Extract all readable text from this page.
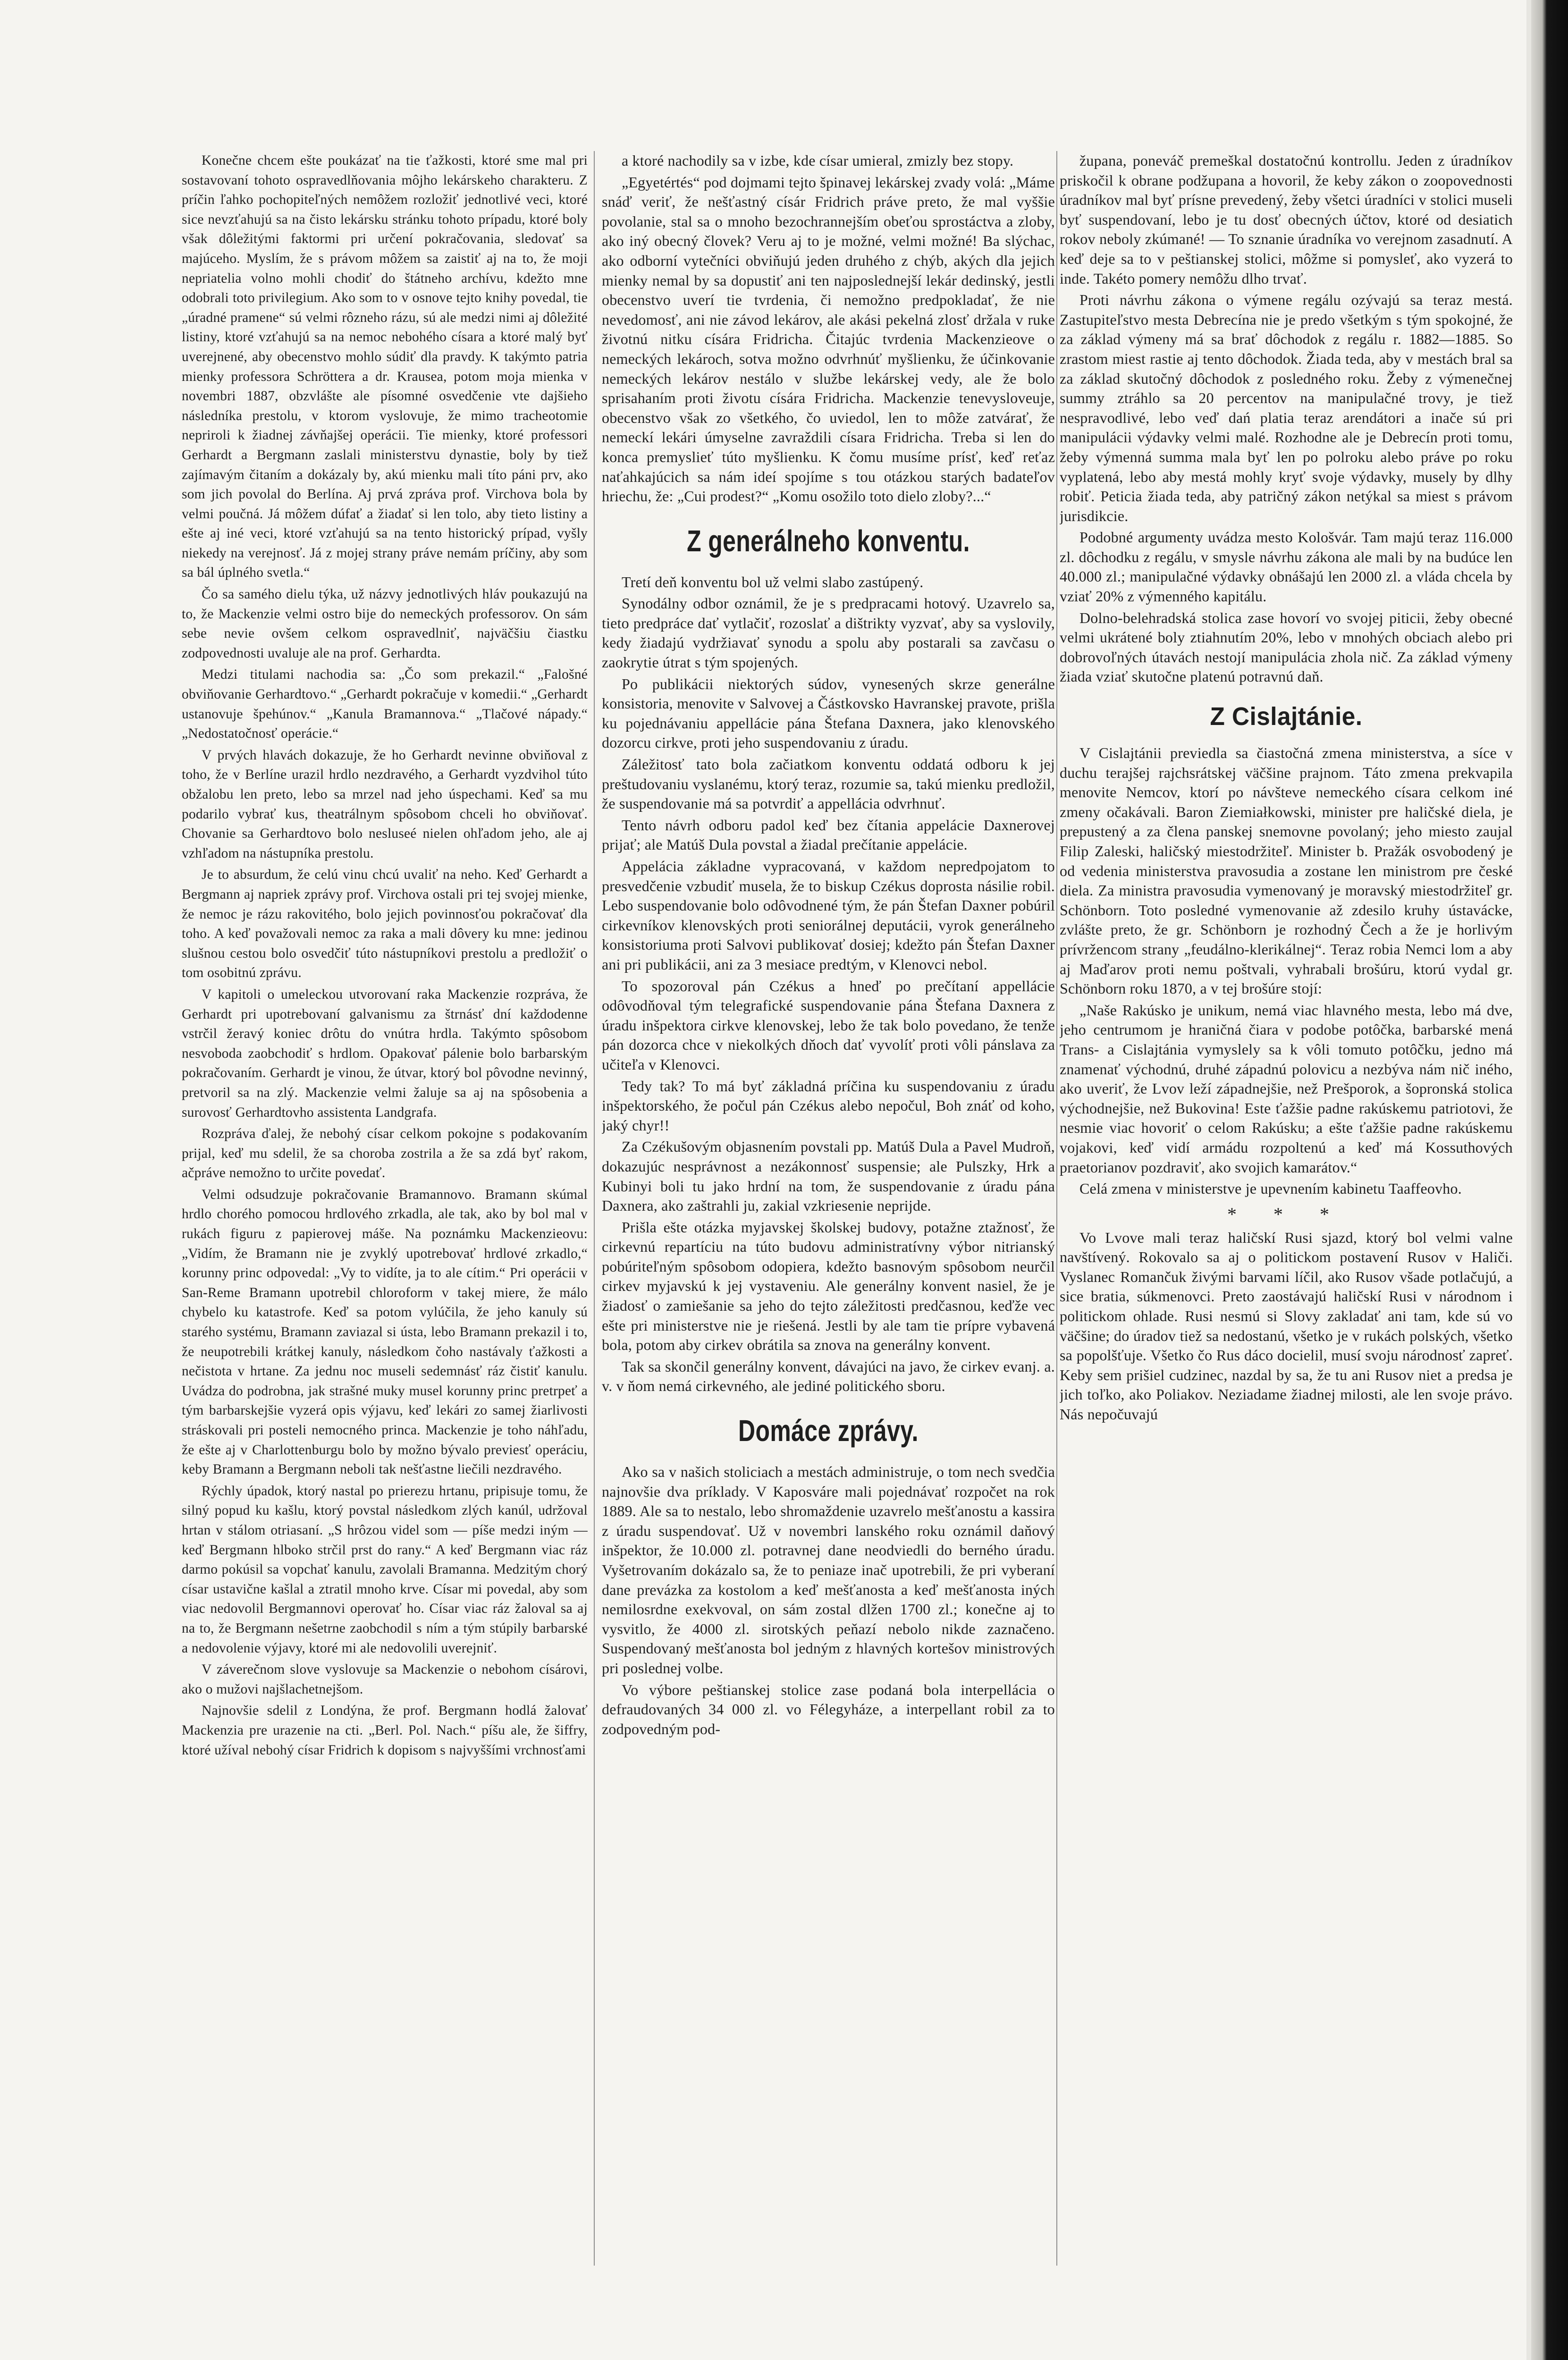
Konečne chcem ešte poukázať na tie ťažkosti, ktoré sme mal pri sostavovaní tohoto ospravedlňovania môjho lekárskeho charakteru. Z príčin ľahko pochopiteľných nemôžem rozložiť jednotlivé veci, ktoré sice nevzťahujú sa na čisto lekársku stránku tohoto prípadu, ktoré boly však dôležitými faktormi pri určení pokračovania, sledovať sa majúceho. Myslím, že s právom môžem sa zaistiť aj na to, že moji nepriatelia volno mohli chodiť do štátneho archívu, kdežto mne odobrali toto privilegium. Ako som to v osnove tejto knihy povedal, tie „úradné pramene“ sú velmi rôzneho rázu, sú ale medzi nimi aj dôležité listiny, ktoré vzťahujú sa na nemoc nebohého císara a ktoré malý byť uverejnené, aby obecenstvo mohlo súdiť dla pravdy. K takýmto patria mienky professora Schröttera a dr. Krausea, potom moja mienka v novembri 1887, obzvlášte ale písomné osvedčenie vte dajšieho následníka prestolu, v ktorom vyslovuje, že mimo tracheotomie nepriroli k žiadnej závňajšej operácii. Tie mienky, ktoré professori Gerhardt a Bergmann zaslali ministerstvu dynastie, boly by tiež zajímavým čitaním a dokázaly by, akú mienku mali títo páni prv, ako som jich povolal do Berlína. Aj prvá zpráva prof. Virchova bola by velmi poučná. Já môžem dúfať a žiadať si len tolo, aby tieto listiny a ešte aj iné veci, ktoré vzťahujú sa na tento historický prípad, vyšly niekedy na verejnosť. Já z mojej strany práve nemám príčiny, aby som sa bál úplného svetla.“

Čo sa samého dielu týka, už názvy jednotlivých hláv poukazujú na to, že Mackenzie velmi ostro bije do nemeckých professorov. On sám sebe nevie ovšem celkom ospravedlniť, najväčšiu čiastku zodpovednosti uvaluje ale na prof. Gerhardta.

Medzi titulami nachodia sa: „Čo som prekazil.“ „Falošné obviňovanie Gerhardtovo.“ „Gerhardt pokračuje v komedii.“ „Gerhardt ustanovuje špehúnov.“ „Kanula Bramannova.“ „Tlačové nápady.“ „Nedostatočnosť operácie.“

V prvých hlavách dokazuje, že ho Gerhardt nevinne obviňoval z toho, že v Berlíne urazil hrdlo nezdravého, a Gerhardt vyzdvihol túto obžalobu len preto, lebo sa mrzel nad jeho úspechami. Keď sa mu podarilo vybrať kus, theatrálnym spôsobom chceli ho obviňovať. Chovanie sa Gerhardtovo bolo nesluseé nielen ohľadom jeho, ale aj vzhľadom na nástupníka prestolu.

Je to absurdum, že celú vinu chcú uvaliť na neho. Keď Gerhardt a Bergmann aj napriek zprávy prof. Virchova ostali pri tej svojej mienke, že nemoc je rázu rakovitého, bolo jejich povinnosťou pokračovať dla toho. A keď považovali nemoc za raka a mali dôvery ku mne: jedinou slušnou cestou bolo osvedčiť túto nástupníkovi prestolu a predložiť o tom osobitnú zprávu.

V kapitoli o umeleckou utvorovaní raka Mackenzie rozpráva, že Gerhardt pri upotrebovaní galvanismu za štrnásť dní každodenne vstrčil žeravý koniec drôtu do vnútra hrdla. Takýmto spôsobom nesvoboda zaobchodiť s hrdlom. Opakovať pálenie bolo barbarským pokračovaním. Gerhardt je vinou, že útvar, ktorý bol pôvodne nevinný, pretvoril sa na zlý. Mackenzie velmi žaluje sa aj na spôsobenia a surovosť Gerhardtovho assistenta Landgrafa.

Rozpráva ďalej, že nebohý císar celkom pokojne s podakovaním prijal, keď mu sdelil, že sa choroba zostrila a že sa zdá byť rakom, ačpráve nemožno to určite povedať.

Velmi odsudzuje pokračovanie Bramannovo. Bramann skúmal hrdlo chorého pomocou hrdlového zrkadla, ale tak, ako by bol mal v rukách figuru z papierovej máše. Na poznámku Mackenzieovu: „Vidím, že Bramann nie je zvyklý upotrebovať hrdlové zrkadlo,“ korunny princ odpovedal: „Vy to vidíte, ja to ale cítim.“ Pri operácii v San-Reme Bramann upotrebil chloroform v takej miere, že málo chybelo ku katastrofe. Keď sa potom vylúčila, že jeho kanuly sú starého systému, Bramann zaviazal si ústa, lebo Bramann prekazil i to, že neupotrebili krátkej kanuly, následkom čoho nastávaly ťažkosti a nečistota v hrtane. Za jednu noc museli sedemnásť ráz čistiť kanulu. Uvádza do podrobna, jak strašné muky musel korunny princ pretrpeť a tým barbarskejšie vyzerá opis výjavu, keď lekári zo samej žiarlivosti stráskovali pri posteli nemocného princa. Mackenzie je toho náhľadu, že ešte aj v Charlottenburgu bolo by možno bývalo previesť operáciu, keby Bramann a Bergmann neboli tak nešťastne liečili nezdravého.

Rýchly úpadok, ktorý nastal po prierezu hrtanu, pripisuje tomu, že silný popud ku kašlu, ktorý povstal následkom zlých kanúl, udržoval hrtan v stálom otriasaní. „S hrôzou videl som — píše medzi iným — keď Bergmann hlboko strčil prst do rany.“ A keď Bergmann viac ráz darmo pokúsil sa vopchať kanulu, zavolali Bramanna. Medzitým chorý císar ustavične kašlal a ztratil mnoho krve. Císar mi povedal, aby som viac nedovolil Bergmannovi operovať ho. Císar viac ráz žaloval sa aj na to, že Bergmann nešetrne zaobchodil s ním a tým stúpily barbarské a nedovolenie výjavy, ktoré mi ale nedovolili uverejniť.

V záverečnom slove vyslovuje sa Mackenzie o nebohom císárovi, ako o mužovi najšlachetnejšom.

Najnovšie sdelil z Londýna, že prof. Bergmann hodlá žalovať Mackenzia pre urazenie na cti. „Berl. Pol. Nach.“ píšu ale, že šiffry, ktoré užíval nebohý císar Fridrich k dopisom s najvyššími vrchnosťami

a ktoré nachodily sa v izbe, kde císar umieral, zmizly bez stopy.

„Egyetértés“ pod dojmami tejto špinavej lekárskej zvady volá: „Máme snáď veriť, že nešťastný císár Fridrich práve preto, že mal vyššie povolanie, stal sa o mnoho bezochrannejším obeťou sprostáctva a zloby, ako iný obecný človek? Veru aj to je možné, velmi možné! Ba slýchac, ako odborní vytečníci obviňujú jeden druhého z chýb, akých dla jejich mienky nemal by sa dopustiť ani ten najposlednejší lekár dedinský, jestli obecenstvo uverí tie tvrdenia, či nemožno predpokladať, že nie nevedomosť, ani nie závod lekárov, ale akási pekelná zlosť držala v ruke životnú nitku císára Fridricha. Čitajúc tvrdenia Mackenzieove o nemeckých lekároch, sotva možno odvrhnúť myšlienku, že účinkovanie nemeckých lekárov nestálo v službe lekárskej vedy, ale že bolo sprisahaním proti životu císára Fridricha. Mackenzie tenevysloveuje, obecenstvo však zo všetkého, čo uviedol, len to môže zatvárať, že nemeckí lekári úmyselne zavraždili císara Fridricha. Treba si len do konca premyslieť túto myšlienku. K čomu musíme prísť, keď reťaz naťahkajúcich sa nám ideí spojíme s tou otázkou starých badateľov hriechu, že: „Cui prodest?“ „Komu osožilo toto dielo zloby?...“

Z generálneho konventu.

Tretí deň konventu bol už velmi slabo zastúpený.

Synodálny odbor oznámil, že je s predpracami hotový. Uzavrelo sa, tieto predpráce dať vytlačiť, rozoslať a dištrikty vyzvať, aby sa vyslovily, kedy žiadajú vydržiavať synodu a spolu aby postarali sa zavčasu o zaokrytie útrat s tým spojených.

Po publikácii niektorých súdov, vynesených skrze generálne konsistoria, menovite v Salvovej a Částkovsko Havranskej pravote, prišla ku pojednávaniu appellácie pána Štefana Daxnera, jako klenovského dozorcu cirkve, proti jeho suspendovaniu z úradu.

Záležitosť tato bola začiatkom konventu oddatá odboru k jej preštudovaniu vyslanému, ktorý teraz, rozumie sa, takú mienku predložil, že suspendovanie má sa potvrdiť a appellácia odvrhnuť.

Tento návrh odboru padol keď bez čítania appelácie Daxnerovej prijať; ale Matúš Dula povstal a žiadal prečítanie appelácie.

Appelácia základne vypracovaná, v každom nepredpojatom to presvedčenie vzbudiť musela, že to biskup Czékus doprosta násilie robil. Lebo suspendovanie bolo odôvodnené tým, že pán Štefan Daxner pobúril cirkevníkov klenovských proti seniorálnej deputácii, vyrok generálneho konsistoriuma proti Salvovi publikovať dosiej; kdežto pán Štefan Daxner ani pri publikácii, ani za 3 mesiace predtým, v Klenovci nebol.

To spozoroval pán Czékus a hneď po prečítaní appellácie odôvodňoval tým telegrafické suspendovanie pána Štefana Daxnera z úradu inšpektora cirkve klenovskej, lebo že tak bolo povedano, že tenže pán dozorca chce v niekolkých dňoch dať vyvolíť proti vôli pánslava za učiteľa v Klenovci.

Tedy tak? To má byť základná príčina ku suspendovaniu z úradu inšpektorského, že počul pán Czékus alebo nepočul, Boh znáť od koho, jaký chyr!!

Za Czékušovým objasnením povstali pp. Matúš Dula a Pavel Mudroň, dokazujúc nesprávnost a nezákonnosť suspensie; ale Pulszky, Hrk a Kubinyi boli tu jako hrdní na tom, že suspendovanie z úradu pána Daxnera, ako zaštrahli ju, zakial vzkriesenie neprijde.

Prišla ešte otázka myjavskej školskej budovy, potažne ztažnosť, že cirkevnú repartíciu na túto budovu administratívny výbor nitrianský pobúriteľným spôsobom odopiera, kdežto basnovým spôsobom neurčil cirkev myjavskú k jej vystaveniu. Ale generálny konvent nasiel, že je žiadosť o zamiešanie sa jeho do tejto záležitosti predčasnou, keďže vec ešte pri ministerstve nie je riešená. Jestli by ale tam tie prípre vybavená bola, potom aby cirkev obrátila sa znova na generálny konvent.

Tak sa skončil generálny konvent, dávajúci na javo, že cirkev evanj. a. v. v ňom nemá cirkevného, ale jediné politického sboru.

Domáce zprávy.

Ako sa v našich stoliciach a mestách administruje, o tom nech svedčia najnovšie dva príklady. V Kaposváre mali pojednávať rozpočet na rok 1889. Ale sa to nestalo, lebo shromaždenie uzavrelo mešťanostu a kassira z úradu suspendovať. Už v novembri lanského roku oznámil daňový inšpektor, že 10.000 zl. potravnej dane neodviedli do berného úradu. Vyšetrovaním dokázalo sa, že to peniaze inač upotrebili, že pri vyberaní dane prevázka za kostolom a keď mešťanosta a keď mešťanosta iných nemilosrdne exekvoval, on sám zostal dlžen 1700 zl.; konečne aj to vysvitlo, že 4000 zl. sirotských peňazí nebolo nikde zaznačeno. Suspendovaný mešťanosta bol jedným z hlavných kortešov ministrových pri poslednej volbe.

Vo výbore peštianskej stolice zase podaná bola interpellácia o defraudovaných 34 000 zl. vo Félegyháze, a interpellant robil za to zodpovedným pod-

župana, poneváč premeškal dostatočnú kontrollu. Jeden z úradníkov priskočil k obrane podžupana a hovoril, že keby zákon o zoopovednosti úradníkov mal byť prísne prevedený, žeby všetci úradníci v stolici museli byť suspendovaní, lebo je tu dosť obecných účtov, ktoré od desiatich rokov neboly zkúmané! — To sznanie úradníka vo verejnom zasadnutí. A keď deje sa to v peštianskej stolici, môžme si pomysleť, ako vyzerá to inde. Takéto pomery nemôžu dlho trvať.

Proti návrhu zákona o výmene regálu ozývajú sa teraz mestá. Zastupiteľstvo mesta Debrecína nie je predo všetkým s tým spokojné, že za základ výmeny má sa brať dôchodok z regálu r. 1882—1885. So zrastom miest rastie aj tento dôchodok. Žiada teda, aby v mestách bral sa za základ skutočný dôchodok z posledného roku. Žeby z výmenečnej summy ztráhlo sa 20 percentov na manipulačné trovy, je tiež nespravodlivé, lebo veď dań platia teraz arendátori a inače sú pri manipulácii výdavky velmi malé. Rozhodne ale je Debrecín proti tomu, žeby výmenná summa mala byť len po polroku alebo práve po roku vyplatená, lebo aby mestá mohly kryť svoje výdavky, musely by dlhy robiť. Peticia žiada teda, aby patričný zákon netýkal sa miest s právom jurisdikcie.

Podobné argumenty uvádza mesto Kološvár. Tam majú teraz 116.000 zl. dôchodku z regálu, v smysle návrhu zákona ale mali by na budúce len 40.000 zl.; manipulačné výdavky obnášajú len 2000 zl. a vláda chcela by vziať 20% z výmenného kapitálu.

Dolno-belehradská stolica zase hovorí vo svojej piticii, žeby obecné velmi ukrátené boly ztiahnutím 20%, lebo v mnohých obciach alebo pri dobrovoľných útavách nestojí manipulácia zhola nič. Za základ výmeny žiada vziať skutočne platenú potravnú daň.

Z Cislajtánie.

V Cislajtánii previedla sa čiastočná zmena ministerstva, a síce v duchu terajšej rajchsrátskej väčšine prajnom. Táto zmena prekvapila menovite Nemcov, ktorí po návšteve nemeckého císara celkom iné zmeny očakávali. Baron Ziemiałkowski, minister pre haličské diela, je prepustený a za člena panskej snemovne povolaný; jeho miesto zaujal Filip Zaleski, haličský miestodržiteľ. Minister b. Pražák osvobodený je od vedenia ministerstva pravosudia a zostane len ministrom pre české diela. Za ministra pravosudia vymenovaný je moravský miestodržiteľ gr. Schönborn. Toto posledné vymenovanie až zdesilo kruhy ústavácke, zvlášte preto, že gr. Schönborn je rozhodný Čech a že je horlivým prívržencom strany „feudálno-klerikálnej“. Teraz robia Nemci lom a aby aj Maďarov proti nemu poštvali, vyhrabali brošúru, ktorú vydal gr. Schönborn roku 1870, a v tej brošúre stojí:

„Naše Rakúsko je unikum, nemá viac hlavného mesta, lebo má dve, jeho centrumom je hraničná čiara v podobe potôčka, barbarské mená Trans- a Cislajtánia vymyslely sa k vôli tomuto potôčku, jedno má znamenať východnú, druhé západnú polovicu a nezbýva nám nič iného, ako uveriť, že Lvov leží západnejšie, než Prešporok, a šopronská stolica východnejšie, než Bukovina! Este ťažšie padne rakúskemu patriotovi, že nesmie viac hovoriť o celom Rakúsku; a ešte ťažšie padne rakúskemu vojakovi, keď vidí armádu rozpoltenú a keď má Kossuthových praetorianov pozdraviť, ako svojich kamarátov.“

Celá zmena v ministerstve je upevnením kabinetu Taaffeovho.

* * *

Vo Lvove mali teraz haličskí Rusi sjazd, ktorý bol velmi valne navštívený. Rokovalo sa aj o politickom postavení Rusov v Haliči. Vyslanec Romančuk živými barvami líčil, ako Rusov všade potlačujú, a sice bratia, súkmenovci. Preto zaostávajú haličskí Rusi v národnom i politickom ohlade. Rusi nesmú si Slovy zakladať ani tam, kde sú vo väčšine; do úradov tiež sa nedostanú, všetko je v rukách polských, všetko sa popolšťuje. Všetko čo Rus dáco docielil, musí svoju národnosť zapreť. Keby sem prišiel cudzinec, nazdal by sa, že tu ani Rusov niet a predsa je jich toľko, ako Poliakov. Neziadame žiadnej milosti, ale len svoje právo. Nás nepočuvajú
